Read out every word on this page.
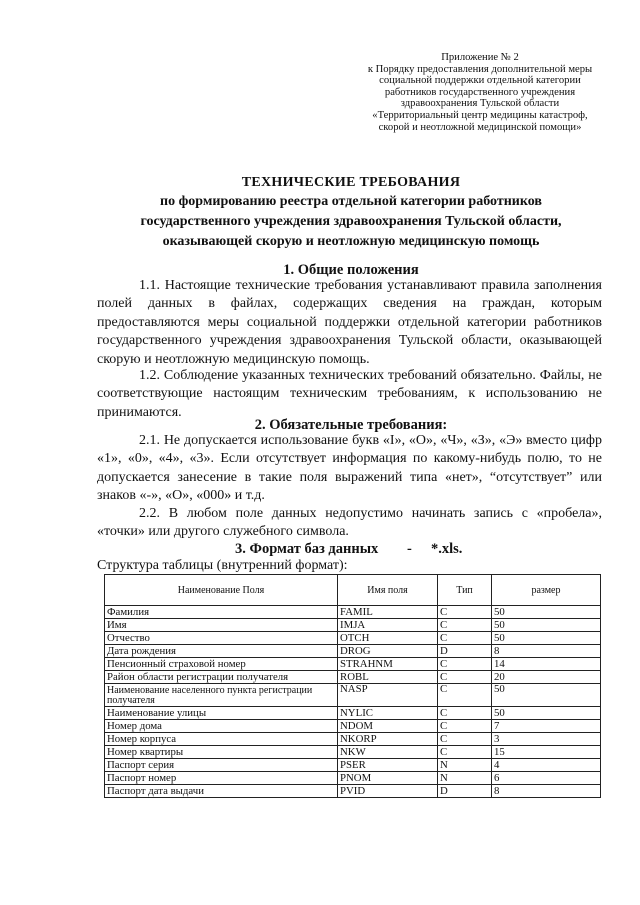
Приложение № 2
к Порядку предоставления дополнительной меры
социальной поддержки отдельной категории
работников государственного учреждения
здравоохранения Тульской области
«Территориальный центр медицины катастроф,
скорой и неотложной медицинской помощи»
ТЕХНИЧЕСКИЕ ТРЕБОВАНИЯ
по формированию реестра отдельной категории работников
государственного учреждения здравоохранения Тульской области,
оказывающей скорую и неотложную медицинскую помощь
1. Общие положения
1.1. Настоящие технические требования устанавливают правила заполнения полей данных в файлах, содержащих сведения на граждан, которым предоставляются меры социальной поддержки отдельной категории работников государственного учреждения здравоохранения Тульской области, оказывающей скорую и неотложную медицинскую помощь.
1.2. Соблюдение указанных технических требований обязательно. Файлы, не соответствующие настоящим техническим требованиям, к использованию не принимаются.
2. Обязательные требования:
2.1. Не допускается использование букв «I», «О», «Ч», «З», «Э» вместо цифр «1», «0», «4», «3». Если отсутствует информация по какому-нибудь полю, то не допускается занесение в такие поля выражений типа «нет», “отсутствует” или знаков «-», «О», «000» и т.д.
2.2. В любом поле данных недопустимо начинать запись с «пробела», «точки» или другого служебного символа.
3. Формат баз данных - *.xls.
Структура таблицы (внутренний формат):
Наименование Поля	Имя поля	Тип	размер
Фамилия	FAMIL	C	50
Имя	IMJA	C	50
Отчество	OTCH	C	50
Дата рождения	DROG	D	8
Пенсионный страховой номер	STRAHNM	C	14
Район области регистрации получателя	ROBL	C	20
Наименование населенного пункта регистрации получателя	NASP	C	50
Наименование улицы	NYLIC	C	50
Номер дома	NDOM	C	7
Номер корпуса	NKORP	C	3
Номер квартиры	NKW	C	15
Паспорт серия	PSER	N	4
Паспорт номер	PNOM	N	6
Паспорт дата выдачи	PVID	D	8
